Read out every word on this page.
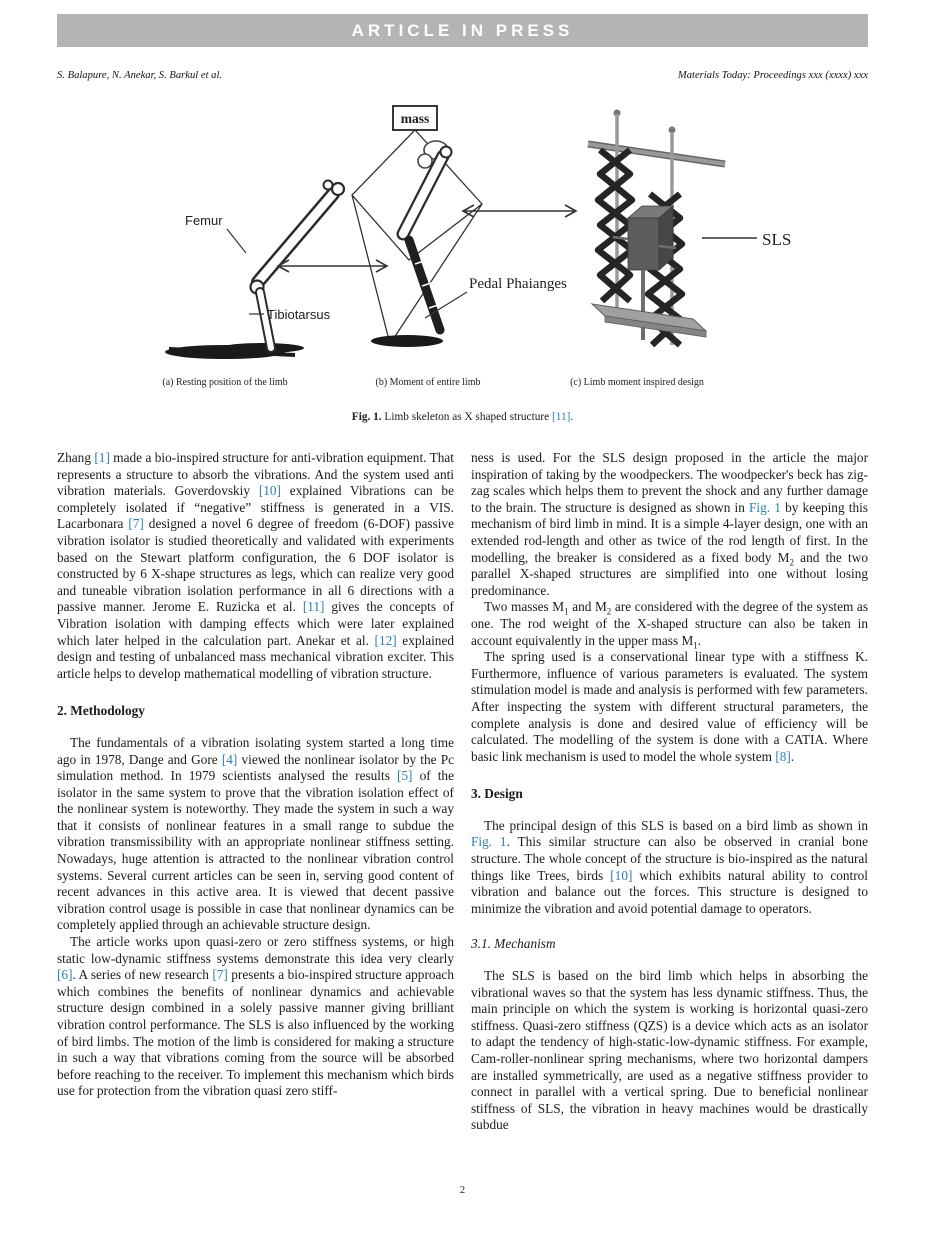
ARTICLE IN PRESS
S. Balapure, N. Anekar, S. Barkul et al.	Materials Today: Proceedings xxx (xxxx) xxx
Femur
Tibiotarsus
mass
Pedal Phaianges
SLS
(a) Resting position of the limb	(b) Moment of entire limb	(c) Limb moment inspired design
Fig. 1. Limb skeleton as X shaped structure [11].

Zhang [1] made a bio-inspired structure for anti-vibration equipment. That represents a structure to absorb the vibrations. And the system used anti vibration materials. Goverdovskiy [10] explained Vibrations can be completely isolated if “negative” stiffness is generated in a VIS. Lacarbonara [7] designed a novel 6 degree of freedom (6-DOF) passive vibration isolator is studied theoretically and validated with experiments based on the Stewart platform configuration, the 6 DOF isolator is constructed by 6 X-shape structures as legs, which can realize very good and tuneable vibration isolation performance in all 6 directions with a passive manner. Jerome E. Ruzicka et al. [11] gives the concepts of Vibration isolation with damping effects which were later explained which later helped in the calculation part. Anekar et al. [12] explained design and testing of unbalanced mass mechanical vibration exciter. This article helps to develop mathematical modelling of vibration structure.

2. Methodology

The fundamentals of a vibration isolating system started a long time ago in 1978, Dange and Gore [4] viewed the nonlinear isolator by the Pc simulation method. In 1979 scientists analysed the results [5] of the isolator in the same system to prove that the vibration isolation effect of the nonlinear system is noteworthy. They made the system in such a way that it consists of nonlinear features in a small range to subdue the vibration transmissibility with an appropriate nonlinear stiffness setting. Nowadays, huge attention is attracted to the nonlinear vibration control systems. Several current articles can be seen in, serving good content of recent advances in this active area. It is viewed that decent passive vibration control usage is possible in case that nonlinear dynamics can be completely applied through an achievable structure design.

The article works upon quasi-zero or zero stiffness systems, or high static low-dynamic stiffness systems demonstrate this idea very clearly [6]. A series of new research [7] presents a bio-inspired structure approach which combines the benefits of nonlinear dynamics and achievable structure design combined in a solely passive manner giving brilliant vibration control performance. The SLS is also influenced by the working of bird limbs. The motion of the limb is considered for making a structure in such a way that vibrations coming from the source will be absorbed before reaching to the receiver. To implement this mechanism which birds use for protection from the vibration quasi zero stiff-

ness is used. For the SLS design proposed in the article the major inspiration of taking by the woodpeckers. The woodpecker's beck has zig-zag scales which helps them to prevent the shock and any further damage to the brain. The structure is designed as shown in Fig. 1 by keeping this mechanism of bird limb in mind. It is a simple 4-layer design, one with an extended rod-length and other as twice of the rod length of first. In the modelling, the breaker is considered as a fixed body $M_2$ and the two parallel X-shaped structures are simplified into one without losing predominance.

Two masses $M_1$ and $M_2$ are considered with the degree of the system as one. The rod weight of the X-shaped structure can also be taken in account equivalently in the upper mass $M_1$.

The spring used is a conservational linear type with a stiffness K. Furthermore, influence of various parameters is evaluated. The system stimulation model is made and analysis is performed with few parameters. After inspecting the system with different structural parameters, the complete analysis is done and desired value of efficiency will be calculated. The modelling of the system is done with a CATIA. Where basic link mechanism is used to model the whole system [8].

3. Design

The principal design of this SLS is based on a bird limb as shown in Fig. 1. This similar structure can also be observed in cranial bone structure. The whole concept of the structure is bio-inspired as the natural things like Trees, birds [10] which exhibits natural ability to control vibration and balance out the forces. This structure is designed to minimize the vibration and avoid potential damage to operators.

3.1. Mechanism

The SLS is based on the bird limb which helps in absorbing the vibrational waves so that the system has less dynamic stiffness. Thus, the main principle on which the system is working is horizontal quasi-zero stiffness. Quasi-zero stiffness (QZS) is a device which acts as an isolator to adapt the tendency of high-static-low-dynamic stiffness. For example, Cam-roller-nonlinear spring mechanisms, where two horizontal dampers are installed symmetrically, are used as a negative stiffness provider to connect in parallel with a vertical spring. Due to beneficial nonlinear stiffness of SLS, the vibration in heavy machines would be drastically subdue

2
